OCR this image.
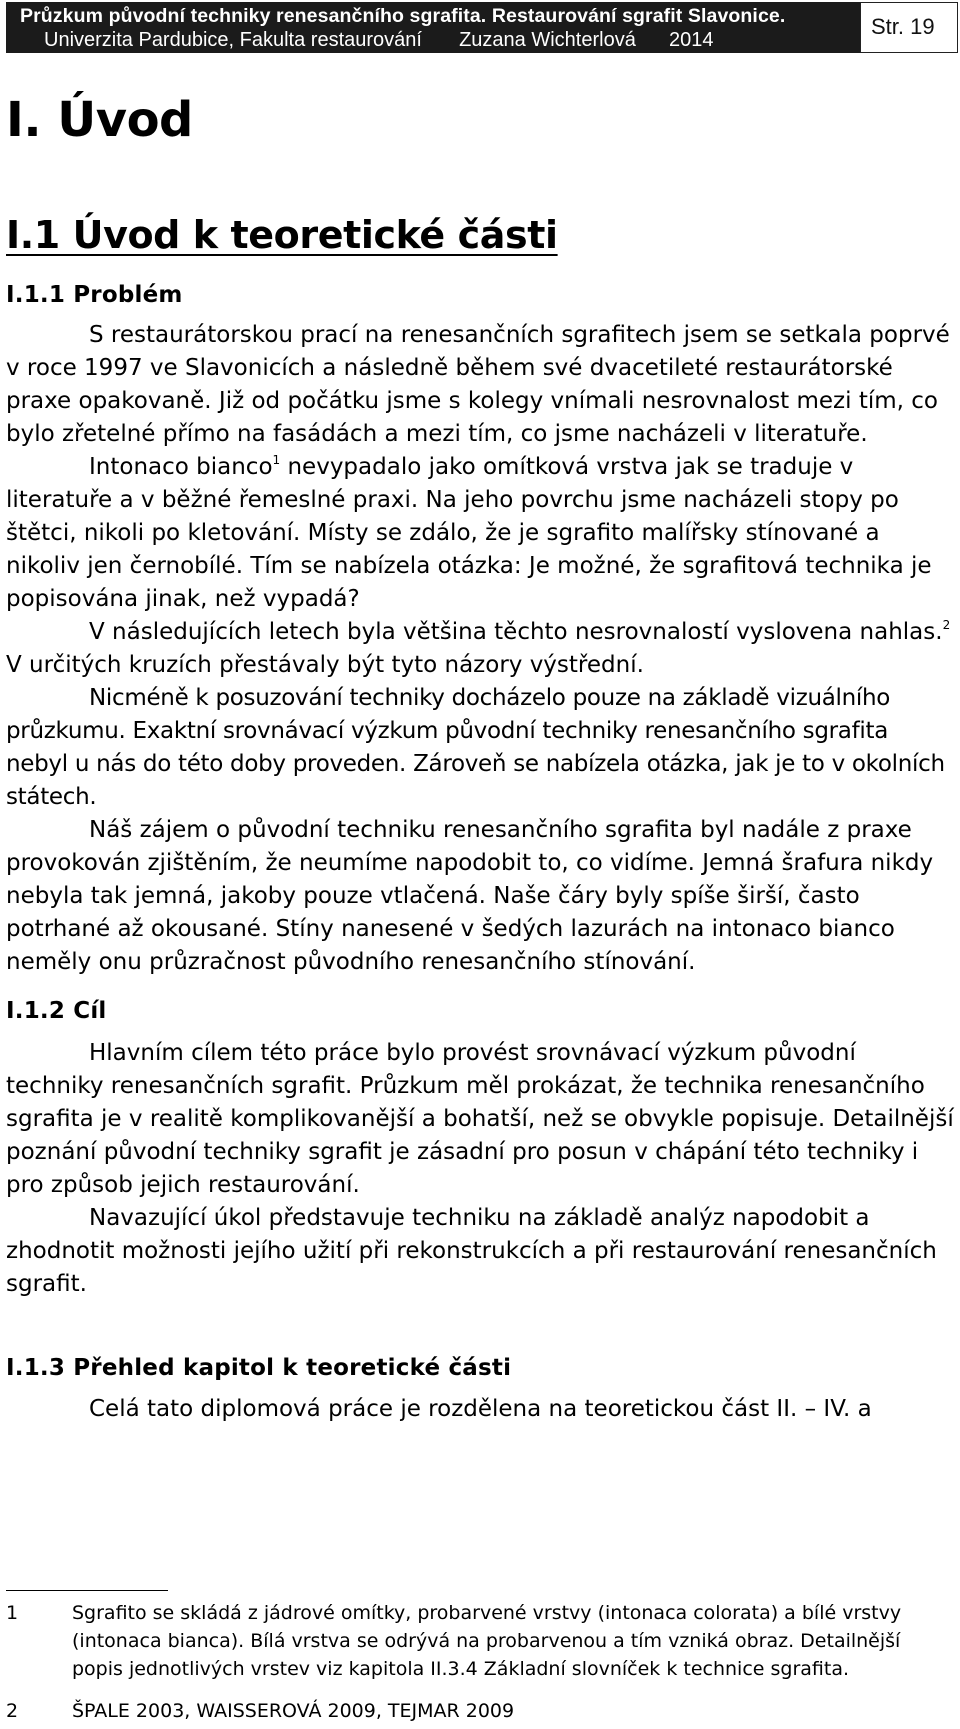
Průzkum původní techniky renesančního sgrafita. Restaurování sgrafit Slavonice.
Univerzita Pardubice, Fakulta restaurování Zuzana Wichterlová 2014
Str. 19
I. Úvod
I.1 Úvod k teoretické části
I.1.1 Problém

S restaurátorskou prací na renesančních sgrafitech jsem se setkala poprvé v roce 1997 ve Slavonicích a následně během své dvacetileté restaurátorské praxe opakovaně. Již od počátku jsme s kolegy vnímali nesrovnalost mezi tím, co bylo zřetelné přímo na fasádách a mezi tím, co jsme nacházeli v literatuře.

Intonaco bianco$^1$ nevypadalo jako omítková vrstva jak se traduje v literatuře a v běžné řemeslné praxi. Na jeho povrchu jsme nacházeli stopy po štětci, nikoli po kletování. Místy se zdálo, že je sgrafito malířsky stínované a nikoliv jen černobílé. Tím se nabízela otázka: Je možné, že sgrafitová technika je popisována jinak, než vypadá?

V následujících letech byla většina těchto nesrovnalostí vyslovena nahlas.$^2$ V určitých kruzích přestávaly být tyto názory výstřední.

Nicméně k posuzování techniky docházelo pouze na základě vizuálního průzkumu. Exaktní srovnávací výzkum původní techniky renesančního sgrafita nebyl u nás do této doby proveden. Zároveň se nabízela otázka, jak je to v okolních státech.

Náš zájem o původní techniku renesančního sgrafita byl nadále z praxe provokován zjištěním, že neumíme napodobit to, co vidíme. Jemná šrafura nikdy nebyla tak jemná, jakoby pouze vtlačená. Naše čáry byly spíše širší, často potrhané až okousané. Stíny nanesené v šedých lazurách na intonaco bianco neměly onu průzračnost původního renesančního stínování.

I.1.2 Cíl

Hlavním cílem této práce bylo provést srovnávací výzkum původní techniky renesančních sgrafit. Průzkum měl prokázat, že technika renesančního sgrafita je v realitě komplikovanější a bohatší, než se obvykle popisuje. Detailnější poznání původní techniky sgrafit je zásadní pro posun v chápání této techniky i pro způsob jejich restaurování.

Navazující úkol představuje techniku na základě analýz napodobit a zhodnotit možnosti jejího užití při rekonstrukcích a při restaurování renesančních sgrafit.

I.1.3 Přehled kapitol k teoretické části

Celá tato diplomová práce je rozdělena na teoretickou část II. – IV. a

1	Sgrafito se skládá z jádrové omítky, probarvené vrstvy (intonaca colorata) a bílé vrstvy (intonaca bianca). Bílá vrstva se odrývá na probarvenou a tím vzniká obraz. Detailnější popis jednotlivých vrstev viz kapitola II.3.4 Základní slovníček k technice sgrafita.

2	ŠPALE 2003, WAISSEROVÁ 2009, TEJMAR 2009
